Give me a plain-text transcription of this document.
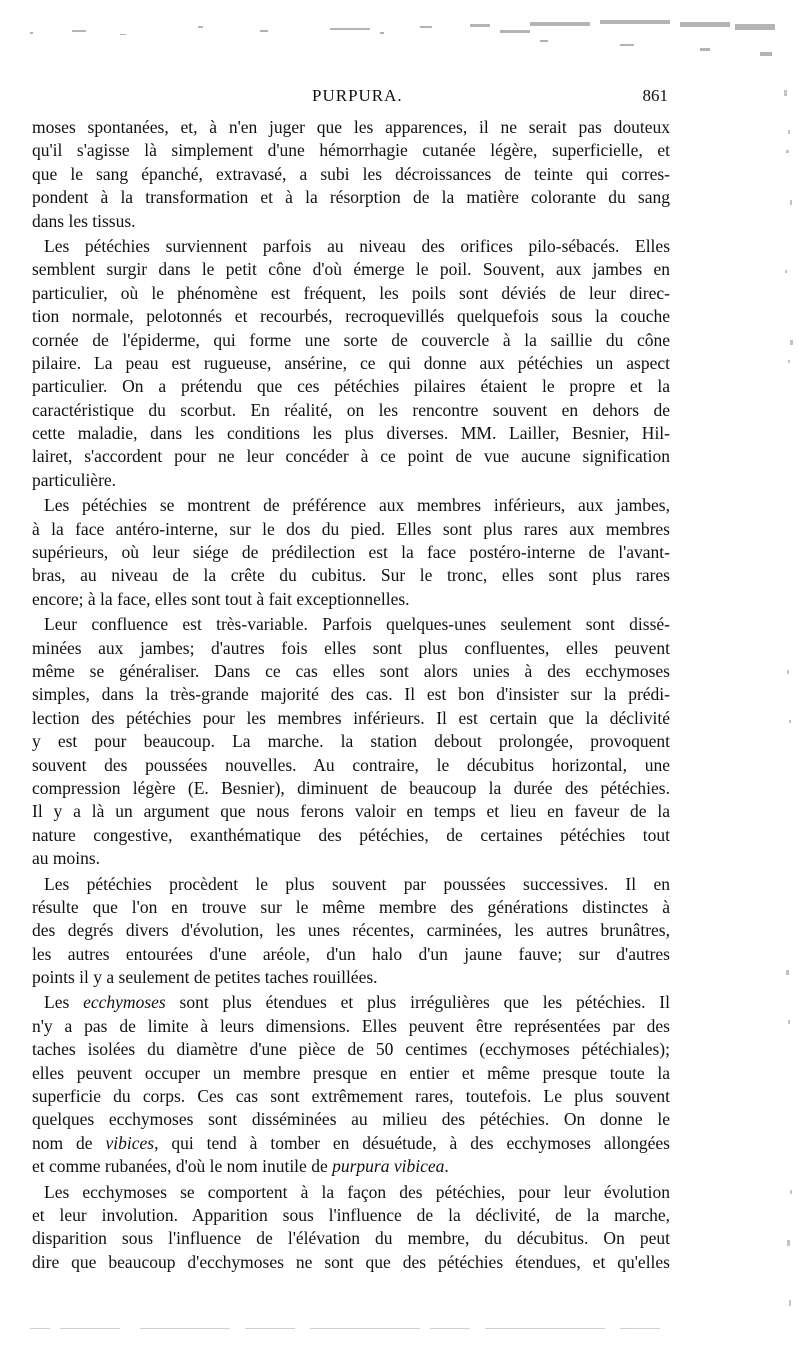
PURPURA.	861
moses spontanées, et, à n'en juger que les apparences, il ne serait pas douteux
qu'il s'agisse là simplement d'une hémorrhagie cutanée légère, superficielle, et
que le sang épanché, extravasé, a subi les décroissances de teinte qui corres-
pondent à la transformation et à la résorption de la matière colorante du sang
dans les tissus.
Les pétéchies surviennent parfois au niveau des orifices pilo-sébacés. Elles
semblent surgir dans le petit cône d'où émerge le poil. Souvent, aux jambes en
particulier, où le phénomène est fréquent, les poils sont déviés de leur direc-
tion normale, pelotonnés et recourbés, recroquevillés quelquefois sous la couche
cornée de l'épiderme, qui forme une sorte de couvercle à la saillie du cône
pilaire. La peau est rugueuse, ansérine, ce qui donne aux pétéchies un aspect
particulier. On a prétendu que ces pétéchies pilaires étaient le propre et la
caractéristique du scorbut. En réalité, on les rencontre souvent en dehors de
cette maladie, dans les conditions les plus diverses. MM. Lailler, Besnier, Hil-
lairet, s'accordent pour ne leur concéder à ce point de vue aucune signification
particulière.
Les pétéchies se montrent de préférence aux membres inférieurs, aux jambes,
à la face antéro-interne, sur le dos du pied. Elles sont plus rares aux membres
supérieurs, où leur siége de prédilection est la face postéro-interne de l'avant-
bras, au niveau de la crête du cubitus. Sur le tronc, elles sont plus rares
encore; à la face, elles sont tout à fait exceptionnelles.
Leur confluence est très-variable. Parfois quelques-unes seulement sont dissé-
minées aux jambes; d'autres fois elles sont plus confluentes, elles peuvent
même se généraliser. Dans ce cas elles sont alors unies à des ecchymoses
simples, dans la très-grande majorité des cas. Il est bon d'insister sur la prédi-
lection des pétéchies pour les membres inférieurs. Il est certain que la déclivité
y est pour beaucoup. La marche. la station debout prolongée, provoquent
souvent des poussées nouvelles. Au contraire, le décubitus horizontal, une
compression légère (E. Besnier), diminuent de beaucoup la durée des pétéchies.
Il y a là un argument que nous ferons valoir en temps et lieu en faveur de la
nature congestive, exanthématique des pétéchies, de certaines pétéchies tout
au moins.
Les pétéchies procèdent le plus souvent par poussées successives. Il en
résulte que l'on en trouve sur le même membre des générations distinctes à
des degrés divers d'évolution, les unes récentes, carminées, les autres brunâtres,
les autres entourées d'une aréole, d'un halo d'un jaune fauve; sur d'autres
points il y a seulement de petites taches rouillées.
Les ecchymoses sont plus étendues et plus irrégulières que les pétéchies. Il
n'y a pas de limite à leurs dimensions. Elles peuvent être représentées par des
taches isolées du diamètre d'une pièce de 50 centimes (ecchymoses pétéchiales);
elles peuvent occuper un membre presque en entier et même presque toute la
superficie du corps. Ces cas sont extrêmement rares, toutefois. Le plus souvent
quelques ecchymoses sont disséminées au milieu des pétéchies. On donne le
nom de vibices, qui tend à tomber en désuétude, à des ecchymoses allongées
et comme rubanées, d'où le nom inutile de purpura vibicea.
Les ecchymoses se comportent à la façon des pétéchies, pour leur évolution
et leur involution. Apparition sous l'influence de la déclivité, de la marche,
disparition sous l'influence de l'élévation du membre, du décubitus. On peut
dire que beaucoup d'ecchymoses ne sont que des pétéchies étendues, et qu'elles
